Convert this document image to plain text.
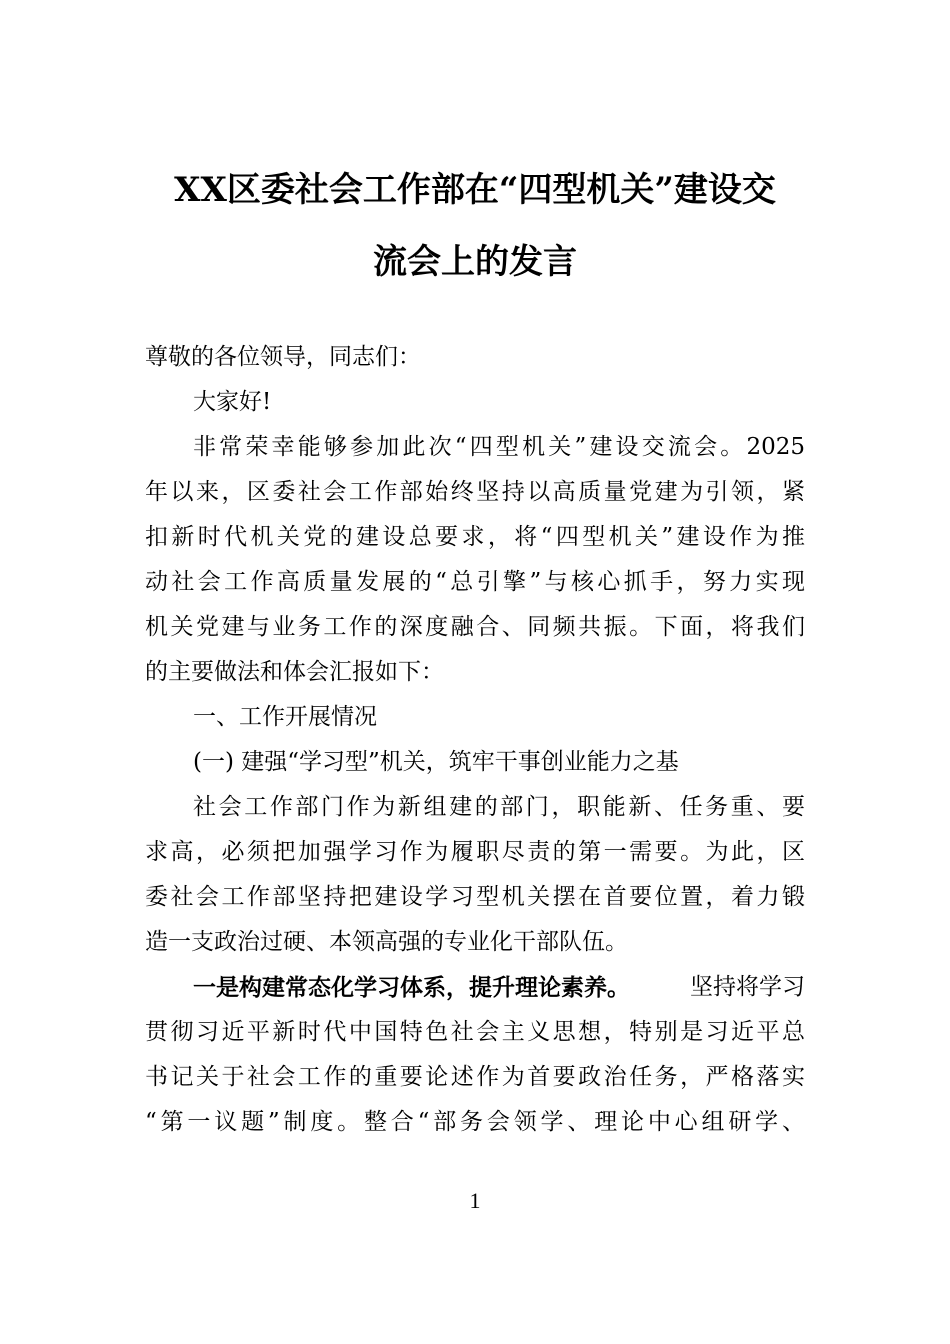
XX区委社会工作部在“四型机关”建设交
流会上的发言
尊敬的各位领导，同志们：
大家好!
非常荣幸能够参加此次“四型机关”建设交流会。2025
年以来，区委社会工作部始终坚持以高质量党建为引领，紧
扣新时代机关党的建设总要求，将“四型机关”建设作为推
动社会工作高质量发展的“总引擎”与核心抓手，努力实现
机关党建与业务工作的深度融合、同频共振。下面，将我们
的主要做法和体会汇报如下：
一、工作开展情况
(一) 建强“学习型”机关，筑牢干事创业能力之基
社会工作部门作为新组建的部门，职能新、任务重、要
求高，必须把加强学习作为履职尽责的第一需要。为此，区
委社会工作部坚持把建设学习型机关摆在首要位置，着力锻
造一支政治过硬、本领高强的专业化干部队伍。
一是构建常态化学习体系，提升理论素养。	坚持将学习
贯彻习近平新时代中国特色社会主义思想，特别是习近平总
书记关于社会工作的重要论述作为首要政治任务，严格落实
“第一议题”制度。整合“部务会领学、理论中心组研学、
1
